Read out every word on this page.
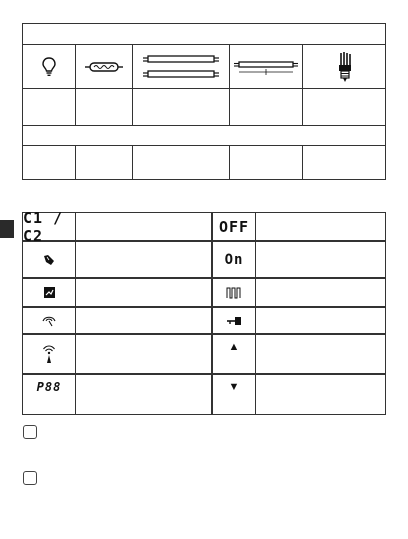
C1 / C2	OFF
On
▲
P88	▼
